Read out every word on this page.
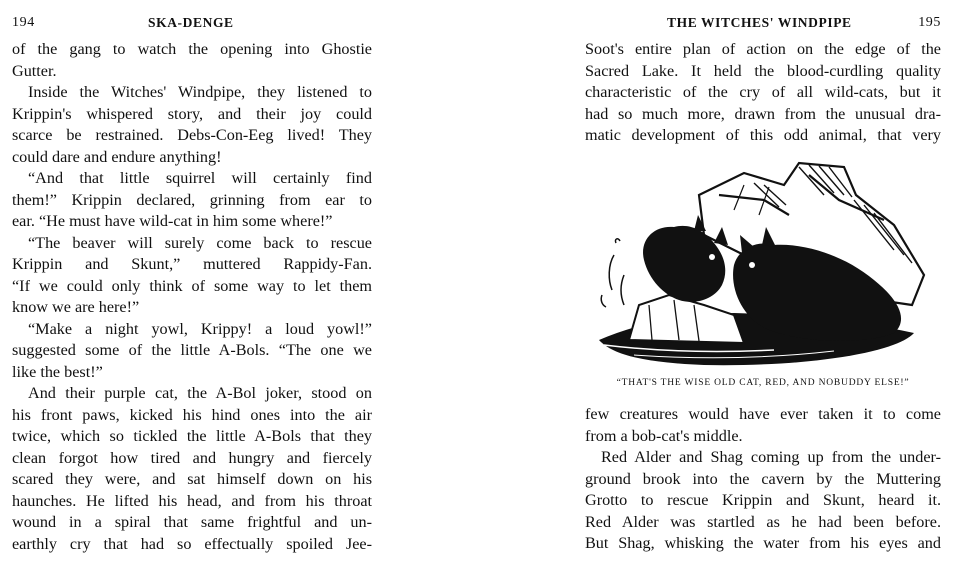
194	SKA-DENGE
of the gang to watch the opening into Ghostie
Gutter.
Inside the Witches' Windpipe, they listened to
Krippin's whispered story, and their joy could
scarce be restrained. Debs-Con-Eeg lived! They
could dare and endure anything!
“And that little squirrel will certainly find
them!” Krippin declared, grinning from ear to
ear. “He must have wild-cat in him some where!”
“The beaver will surely come back to rescue
Krippin and Skunt,” muttered Rappidy-Fan.
“If we could only think of some way to let them
know we are here!”
“Make a night yowl, Krippy! a loud yowl!”
suggested some of the little A-Bols. “The one we
like the best!”
And their purple cat, the A-Bol joker, stood on
his front paws, kicked his hind ones into the air
twice, which so tickled the little A-Bols that they
clean forgot how tired and hungry and fiercely
scared they were, and sat himself down on his
haunches. He lifted his head, and from his throat
wound in a spiral that same frightful and un-
earthly cry that had so effectually spoiled Jee-
THE WITCHES' WINDPIPE	195
Soot's entire plan of action on the edge of the
Sacred Lake. It held the blood-curdling quality
characteristic of the cry of all wild-cats, but it
had so much more, drawn from the unusual dra-
matic development of this odd animal, that very
few creatures would have ever taken it to come
from a bob-cat's middle.
Red Alder and Shag coming up from the under-
ground brook into the cavern by the Muttering
Grotto to rescue Krippin and Skunt, heard it.
Red Alder was startled as he had been before.
But Shag, whisking the water from his eyes and
L.R.
“THAT'S THE WISE OLD CAT, RED, AND NOBUDDY ELSE!”
